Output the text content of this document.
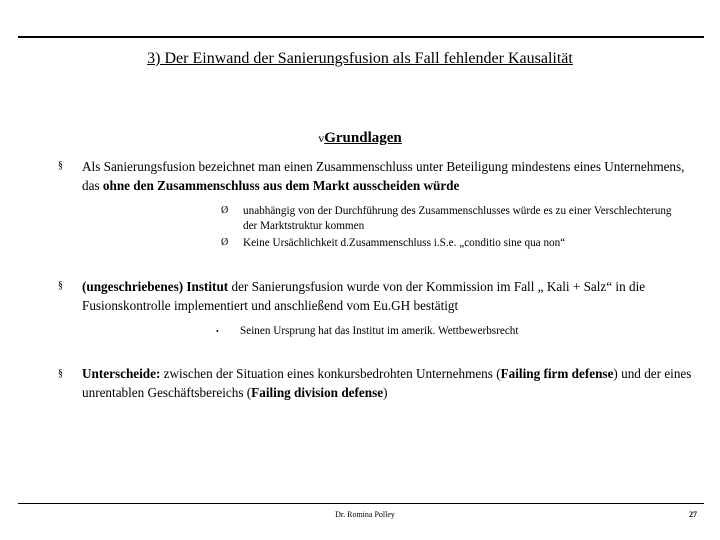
3) Der Einwand der Sanierungsfusion als Fall fehlender Kausalität
vGrundlagen
§ Als Sanierungsfusion bezeichnet man einen Zusammenschluss unter Beteiligung mindestens eines Unternehmens, das ohne den Zusammenschluss aus dem Markt ausscheiden würde
Ø unabhängig von der Durchführung des Zusammenschlusses würde es zu einer Verschlechterung der Marktstruktur kommen
Ø Keine Ursächlichkeit d.Zusammenschluss i.S.e. „conditio sine qua non“
§ (ungeschriebenes) Institut der Sanierungsfusion wurde von der Kommission im Fall „ Kali + Salz“ in die Fusionskontrolle implementiert und anschließend vom Eu.GH bestätigt
• Seinen Ursprung hat das Institut im amerik. Wettbewerbsrecht
§ Unterscheide: zwischen der Situation eines konkursbedrohten Unternehmens (Failing firm defense) und der eines unrentablen Geschäftsbereichs (Failing division defense)
Dr. Romina Polley	27
